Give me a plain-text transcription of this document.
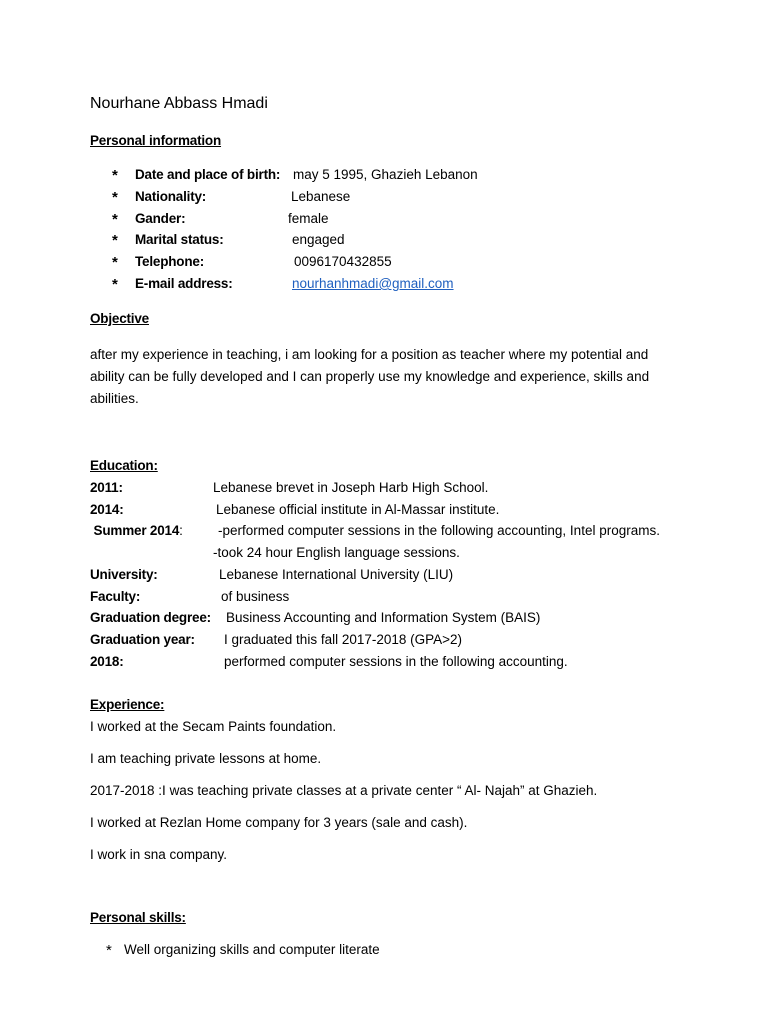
Nourhane Abbass Hmadi
Personal information
* Date and place of birth: may 5 1995, Ghazieh Lebanon
* Nationality:	Lebanese
* Gander:	female
* Marital status:	engaged
* Telephone:	0096170432855
* E-mail address:	nourhanhmadi@gmail.com
Objective
after my experience in teaching, i am looking for a position as teacher where my potential and ability can be fully developed and I can properly use my knowledge and experience, skills and abilities.
Education:
2011:	Lebanese brevet in Joseph Harb High School.
2014:	Lebanese official institute in Al-Massar institute.
Summer 2014:	-performed computer sessions in the following accounting, Intel programs.
-took 24 hour English language sessions.
University:	Lebanese International University (LIU)
Faculty:	of business
Graduation degree: Business Accounting and Information System (BAIS)
Graduation year: I graduated this fall 2017-2018 (GPA>2)
2018:	performed computer sessions in the following accounting.
Experience:
I worked at the Secam Paints foundation.
I am teaching private lessons at home.
2017-2018 :I was teaching private classes at a private center “ Al- Najah” at Ghazieh.
I worked at Rezlan Home company for 3 years (sale and cash).
I work in sna company.
Personal skills:
* Well organizing skills and computer literate
